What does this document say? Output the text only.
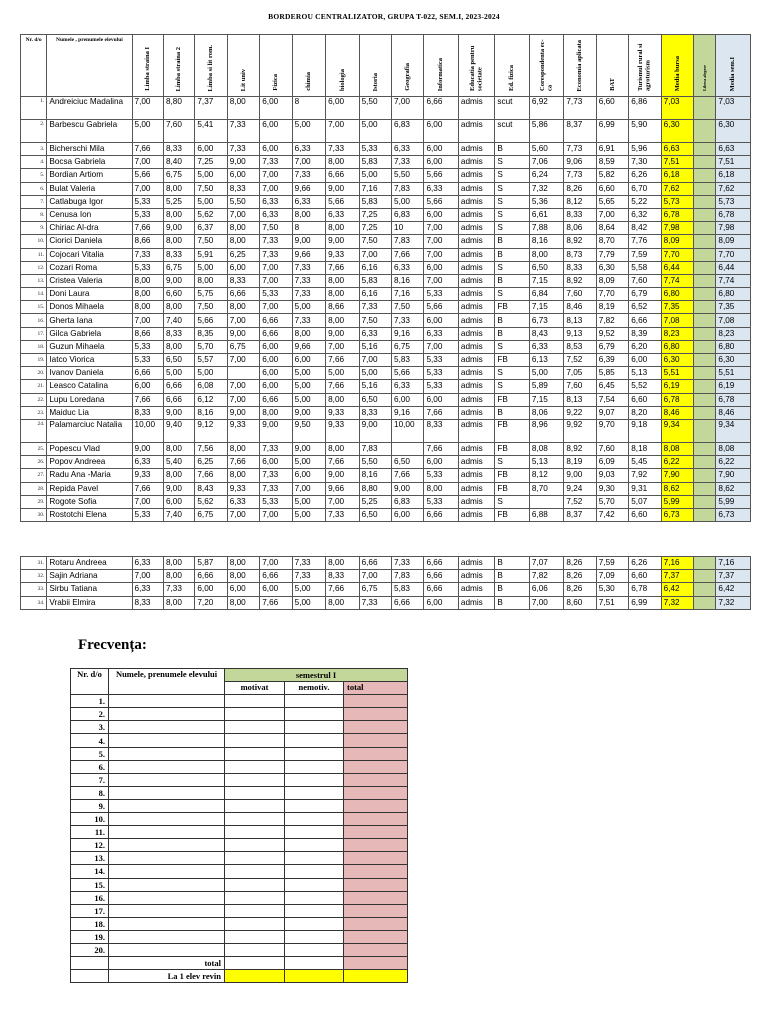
BORDEROU CENTRALIZATOR, GRUPA T-022, SEM.I, 2023-2024
Nr. d/o	Numele , prenumele elevului	Limba straina I	Limba straina 2	Limba si lit rom.	Lit univ	Fizica	chimia	biologia	Istoria	Geografia	Informatica	Educatia pentru societate	Ed. fizica	Corespondenta ec-ca	Economia aplicata	BAT	Turismul rural si agroturism	Media bursa	Libera alegere	Media sem.I
1.	Andreiciuc Madalina	7,00	8,80	7,37	8,00	6,00	8	6,00	5,50	7,00	6,66	admis	scut	6,92	7,73	6,60	6,86	7,03		7,03
2.	Barbescu Gabriela	5,00	7,60	5,41	7,33	6,00	5,00	7,00	5,00	6,83	6,00	admis	scut	5,86	8,37	6,99	5,90	6,30		6,30
3.	Bicherschi Mila	7,66	8,33	6,00	7,33	6,00	6,33	7,33	5,33	6,33	6,00	admis	B	5,60	7,73	6,91	5,96	6,63		6,63
4.	Bocsa Gabriela	7,00	8,40	7,25	9,00	7,33	7,00	8,00	5,83	7,33	6,00	admis	S	7,06	9,06	8,59	7,30	7,51		7,51
5.	Bordian Artiom	5,66	6,75	5,00	6,00	7,00	7,33	6,66	5,00	5,50	5,66	admis	S	6,24	7,73	5,82	6,26	6,18		6,18
6.	Bulat Valeria	7,00	8,00	7,50	8,33	7,00	9,66	9,00	7,16	7,83	6,33	admis	S	7,32	8,26	6,60	6,70	7,62		7,62
7.	Catlabuga Igor	5,33	5,25	5,00	5,50	6,33	6,33	5,66	5,83	5,00	5,66	admis	S	5,36	8,12	5,65	5,22	5,73		5,73
8.	Cenusa Ion	5,33	8,00	5,62	7,00	6,33	8,00	6,33	7,25	6,83	6,00	admis	S	6,61	8,33	7,00	6,32	6,78		6,78
9.	Chiriac Al-dra	7,66	9,00	6,37	8,00	7,50	8	8,00	7,25	10	7,00	admis	S	7,88	8,06	8,64	8,42	7,98		7,98
10.	Ciorici Daniela	8,66	8,00	7,50	8,00	7,33	9,00	9,00	7,50	7,83	7,00	admis	B	8,16	8,92	8,70	7,76	8,09		8,09
11.	Cojocari Vitalia	7,33	8,33	5,91	6,25	7,33	9,66	9,33	7,00	7,66	7,00	admis	B	8,00	8,73	7,79	7,59	7,70		7,70
12.	Cozari Roma	5,33	6,75	5,00	6,00	7,00	7,33	7,66	6,16	6,33	6,00	admis	S	6,50	8,33	6,30	5,58	6,44		6,44
13.	Cristea Valeria	8,00	9,00	8,00	8,33	7,00	7,33	8,00	5,83	8,16	7,00	admis	B	7,15	8,92	8,09	7,60	7,74		7,74
14.	Doni Laura	8,00	6,60	5,75	6,66	5,33	7,33	8,00	6,16	7,16	5,33	admis	S	6,84	7,60	7,70	6,79	6,80		6,80
15.	Donos Mihaela	8,00	8,00	7,50	8,00	7,00	5,00	8,66	7,33	7,50	5,66	admis	FB	7,15	8,46	8,19	6,52	7,35		7,35
16.	Gherta Iana	7,00	7,40	5,66	7,00	6,66	7,33	8,00	7,50	7,33	6,00	admis	B	6,73	8,13	7,82	6,66	7,08		7,08
17.	Gilca Gabriela	8,66	8,33	8,35	9,00	6,66	8,00	9,00	6,33	9,16	6,33	admis	B	8,43	9,13	9,52	8,39	8,23		8,23
18.	Guzun Mihaela	5,33	8,00	5,70	6,75	6,00	9,66	7,00	5,16	6,75	7,00	admis	S	6,33	8,53	6,79	6,20	6,80		6,80
19.	Iatco Viorica	5,33	6,50	5,57	7,00	6,00	6,00	7,66	7,00	5,83	5,33	admis	FB	6,13	7,52	6,39	6,00	6,30		6,30
20.	Ivanov Daniela	6,66	5,00	5,00		6,00	5,00	5,00	5,00	5,66	5,33	admis	S	5,00	7,05	5,85	5,13	5,51		5,51
21.	Leasco Catalina	6,00	6,66	6,08	7,00	6,00	5,00	7,66	5,16	6,33	5,33	admis	S	5,89	7,60	6,45	5,52	6,19		6,19
22.	Lupu Loredana	7,66	6,66	6,12	7,00	6,66	5,00	8,00	6,50	6,00	6,00	admis	FB	7,15	8,13	7,54	6,60	6,78		6,78
23.	Maiduc Lia	8,33	9,00	8,16	9,00	8,00	9,00	9,33	8,33	9,16	7,66	admis	B	8,06	9,22	9,07	8,20	8,46		8,46
24.	Palamarciuc Natalia	10,00	9,40	9,12	9,33	9,00	9,50	9,33	9,00	10,00	8,33	admis	FB	8,96	9,92	9,70	9,18	9,34		9,34
25.	Popescu Vlad	9,00	8,00	7,56	8,00	7,33	9,00	8,00	7,83		7,66	admis	FB	8,08	8,92	7,60	8,18	8,08		8,08
26.	Popov Andreea	6,33	5,40	6,25	7,66	6,00	5,00	7,66	5,50	6,50	6,00	admis	S	5,13	8,19	6,09	5,45	6,22		6,22
27.	Radu Ana -Maria	9,33	8,00	7,66	8,00	7,33	6,00	9,00	8,16	7,66	5,33	admis	FB	8,12	9,00	9,03	7,92	7,90		7,90
28.	Repida Pavel	7,66	9,00	8,43	9,33	7,33	7,00	9,66	8,80	9,00	8,00	admis	FB	8,70	9,24	9,30	9,31	8,62		8,62
29.	Rogote Sofia	7,00	6,00	5,62	6,33	5,33	5,00	7,00	5,25	6,83	5,33	admis	S		7,52	5,70	5,07	5,99		5,99
30.	Rostotchi Elena	5,33	7,40	6,75	7,00	7,00	5,00	7,33	6,50	6,00	6,66	admis	FB	6,88	8,37	7,42	6,60	6,73		6,73
31.	Rotaru Andreea	6,33	8,00	5,87	8,00	7,00	7,33	8,00	6,66	7,33	6,66	admis	B	7,07	8,26	7,59	6,26	7,16		7,16
32.	Sajin Adriana	7,00	8,00	6,66	8,00	6,66	7,33	8,33	7,00	7,83	6,66	admis	B	7,82	8,26	7,09	6,60	7,37		7,37
33.	Sirbu Tatiana	6,33	7,33	6,00	6,00	6,00	5,00	7,66	6,75	5,83	6,66	admis	B	6,06	8,26	5,30	6,78	6,42		6,42
34.	Vrabii Elmira	8,33	8,00	7,20	8,00	7,66	5,00	8,00	7,33	6,66	6,00	admis	B	7,00	8,60	7,51	6,99	7,32		7,32
Frecvența:
Nr. d/o	Numele, prenumele elevului	semestrul I		
		motivat	nemotiv.	total
1.				
2.				
3.				
4.				
5.				
6.				
7.				
8.				
9.				
10.				
11.				
12.				
13.				
14.				
15.				
16.				
17.				
18.				
19.				
20.				
	total			
	La 1 elev revin			
